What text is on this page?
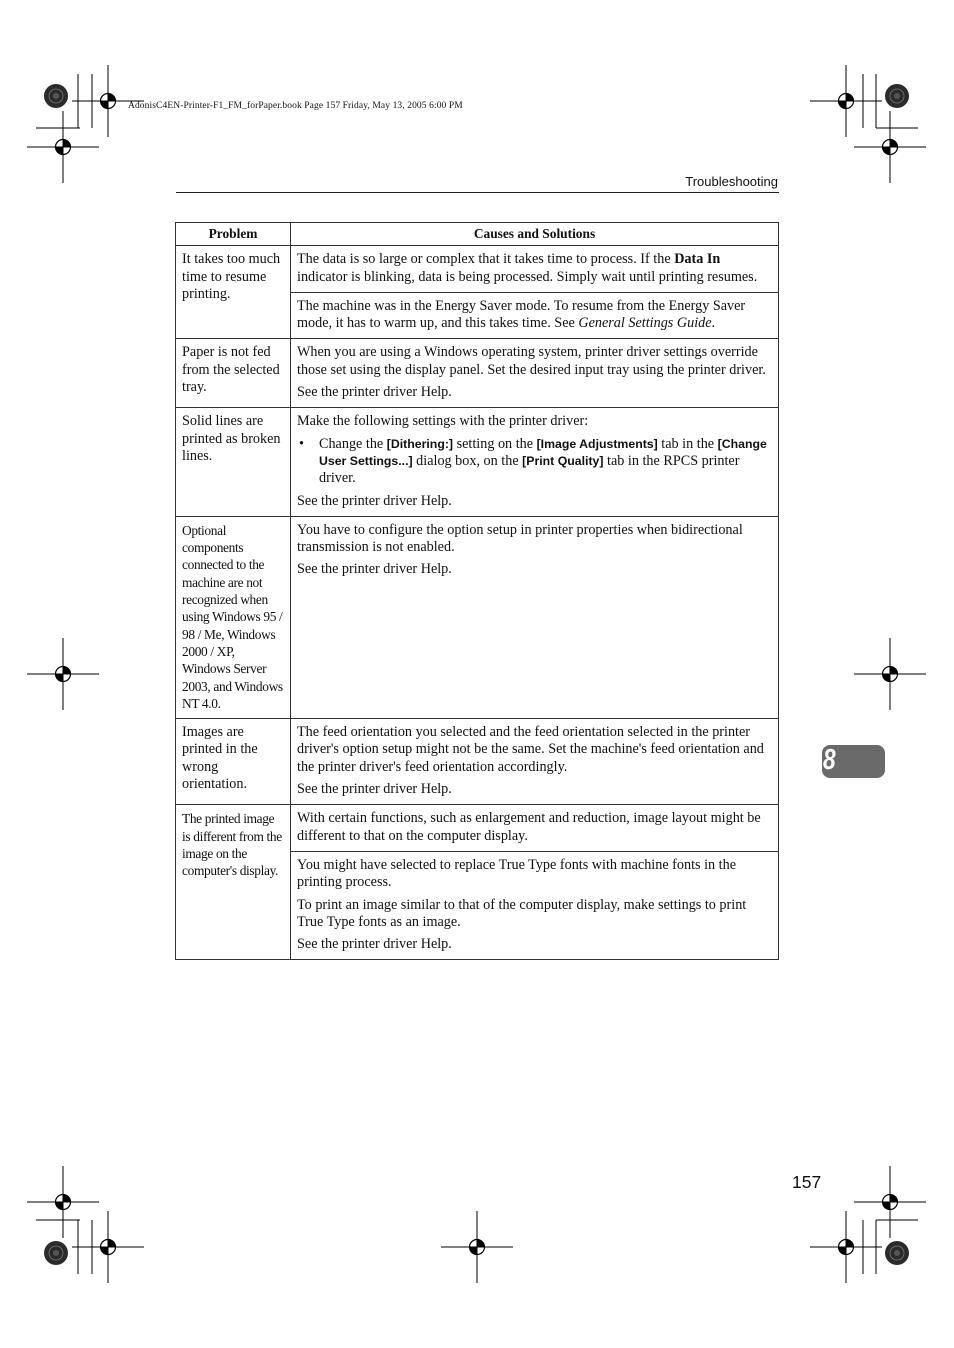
AdonisC4EN-Printer-F1_FM_forPaper.book Page 157 Friday, May 13, 2005 6:00 PM
Troubleshooting
Problem	Causes and Solutions
It takes too much time to resume printing.	The data is so large or complex that it takes time to process. If the Data In indicator is blinking, data is being processed. Simply wait until printing resumes.

	The machine was in the Energy Saver mode. To resume from the Energy Saver mode, it has to warm up, and this takes time. See General Settings Guide.

Paper is not fed from the selected tray.	When you are using a Windows operating system, printer driver settings override those set using the display panel. Set the desired input tray using the printer driver.

See the printer driver Help.

Solid lines are printed as broken lines.	Make the following settings with the printer driver:

• Change the [Dithering:] setting on the [Image Adjustments] tab in the [Change User Settings...] dialog box, on the [Print Quality] tab in the RPCS printer driver.

See the printer driver Help.

Optional components connected to the machine are not recognized when using Windows 95 / 98 / Me, Windows 2000 / XP, Windows Server 2003, and Windows NT 4.0.	You have to configure the option setup in printer properties when bidirectional transmission is not enabled.

See the printer driver Help.

Images are printed in the wrong orientation.	The feed orientation you selected and the feed orientation selected in the printer driver's option setup might not be the same. Set the machine's feed orientation and the printer driver's feed orientation accordingly.

See the printer driver Help.

The printed image is different from the image on the computer's display.	With certain functions, such as enlargement and reduction, image layout might be different to that on the computer display.

	You might have selected to replace True Type fonts with machine fonts in the printing process.

To print an image similar to that of the computer display, make settings to print True Type fonts as an image.

See the printer driver Help.

8
157
